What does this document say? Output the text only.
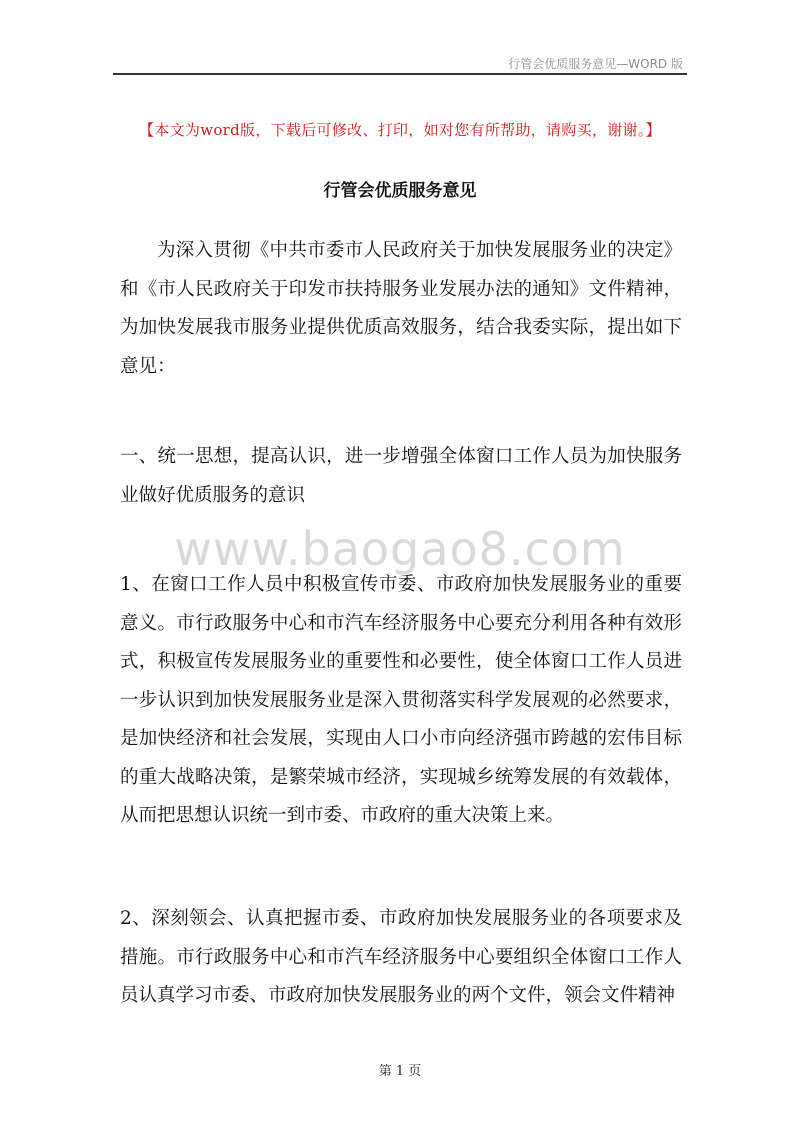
行管会优质服务意见—WORD 版
【本文为word版，下载后可修改、打印，如对您有所帮助，请购买，谢谢。】
行管会优质服务意见
为深入贯彻《中共市委市人民政府关于加快发展服务业的决定》和《市人民政府关于印发市扶持服务业发展办法的通知》文件精神，为加快发展我市服务业提供优质高效服务，结合我委实际，提出如下意见：
一、统一思想，提高认识，进一步增强全体窗口工作人员为加快服务业做好优质服务的意识
www.baogao8.com
1、在窗口工作人员中积极宣传市委、市政府加快发展服务业的重要意义。市行政服务中心和市汽车经济服务中心要充分利用各种有效形式，积极宣传发展服务业的重要性和必要性，使全体窗口工作人员进一步认识到加快发展服务业是深入贯彻落实科学发展观的必然要求，是加快经济和社会发展，实现由人口小市向经济强市跨越的宏伟目标的重大战略决策，是繁荣城市经济，实现城乡统筹发展的有效载体，从而把思想认识统一到市委、市政府的重大决策上来。
2、深刻领会、认真把握市委、市政府加快发展服务业的各项要求及措施。市行政服务中心和市汽车经济服务中心要组织全体窗口工作人员认真学习市委、市政府加快发展服务业的两个文件，领会文件精神
第 1 页
